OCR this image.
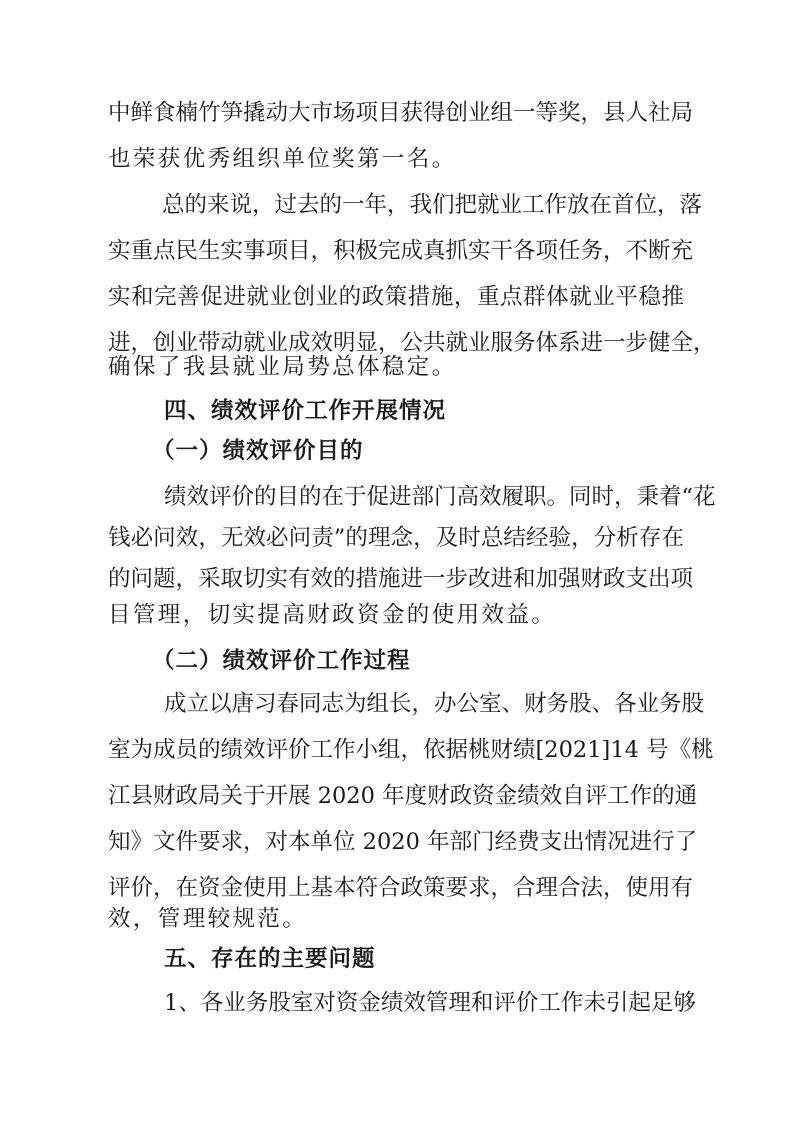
中鲜食楠竹笋撬动大市场项目获得创业组一等奖，县人社局
也荣获优秀组织单位奖第一名。
总的来说，过去的一年，我们把就业工作放在首位，落
实重点民生实事项目，积极完成真抓实干各项任务，不断充
实和完善促进就业创业的政策措施，重点群体就业平稳推
进，创业带动就业成效明显，公共就业服务体系进一步健全，
确保了我县就业局势总体稳定。
四、绩效评价工作开展情况
（一）绩效评价目的
绩效评价的目的在于促进部门高效履职。同时，秉着“花
钱必问效，无效必问责”的理念，及时总结经验，分析存在
的问题，采取切实有效的措施进一步改进和加强财政支出项
目管理，切实提高财政资金的使用效益。
（二）绩效评价工作过程
成立以唐习春同志为组长，办公室、财务股、各业务股
室为成员的绩效评价工作小组，依据桃财绩[2021]14 号《桃
江县财政局关于开展 2020 年度财政资金绩效自评工作的通
知》文件要求，对本单位 2020 年部门经费支出情况进行了
评价，在资金使用上基本符合政策要求，合理合法，使用有
效，管理较规范。
五、存在的主要问题
1、各业务股室对资金绩效管理和评价工作未引起足够
